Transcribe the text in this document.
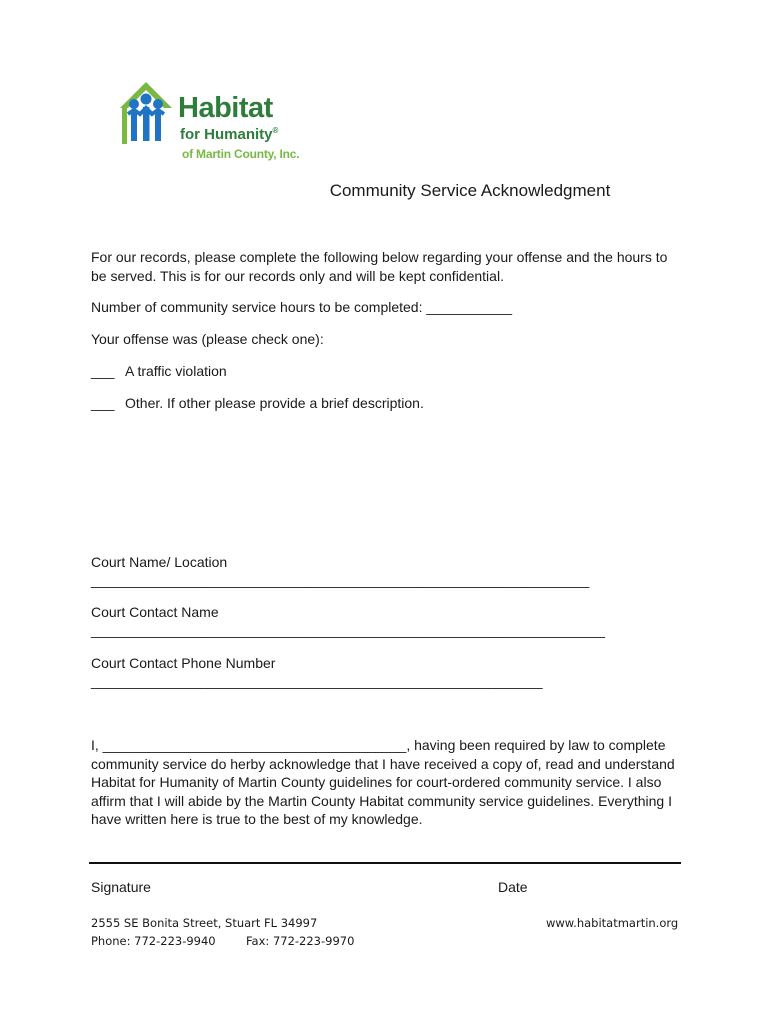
Habitat
for Humanity®
of Martin County, Inc.
Community Service Acknowledgment
For our records, please complete the following below regarding your offense and the hours to be served. This is for our records only and will be kept confidential.
Number of community service hours to be completed: ___________
Your offense was (please check one):
___ A traffic violation
___ Other. If other please provide a brief description.
Court Name/ Location
________________________________________________________________
Court Contact Name
__________________________________________________________________
Court Contact Phone Number
__________________________________________________________
I, _______________________________________, having been required by law to complete community service do herby acknowledge that I have received a copy of, read and understand Habitat for Humanity of Martin County guidelines for court-ordered community service. I also affirm that I will abide by the Martin County Habitat community service guidelines. Everything I have written here is true to the best of my knowledge.
Signature	Date
2555 SE Bonita Street, Stuart FL 34997
Phone: 772-223-9940	Fax: 772-223-9970
www.habitatmartin.org
